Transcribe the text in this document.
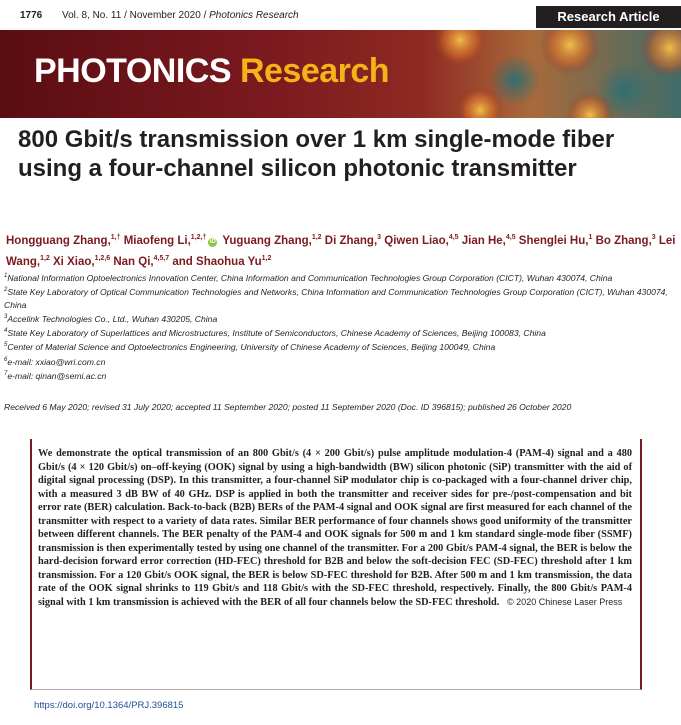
1776 Vol. 8, No. 11 / November 2020 / Photonics Research	Research Article
PHOTONICS Research
800 Gbit/s transmission over 1 km single-mode fiber using a four-channel silicon photonic transmitter
Hongguang Zhang,$^{1,\dagger}$ Miaofeng Li,$^{1,2,\dagger}$iD Yuguang Zhang,$^{1,2}$ Di Zhang,$^3$ Qiwen Liao,$^{4,5}$ Jian He,$^{4,5}$ Shenglei Hu,$^1$ Bo Zhang,$^3$ Lei Wang,$^{1,2}$ Xi Xiao,$^{1,2,6}$ Nan Qi,$^{4,5,7}$ and Shaohua Yu$^{1,2}$
$^1$National Information Optoelectronics Innovation Center, China Information and Communication Technologies Group Corporation (CICT), Wuhan 430074, China
$^2$State Key Laboratory of Optical Communication Technologies and Networks, China Information and Communication Technologies Group Corporation (CICT), Wuhan 430074, China
$^3$Accelink Technologies Co., Ltd., Wuhan 430205, China
$^4$State Key Laboratory of Superlattices and Microstructures, Institute of Semiconductors, Chinese Academy of Sciences, Beijing 100083, China
$^5$Center of Material Science and Optoelectronics Engineering, University of Chinese Academy of Sciences, Beijing 100049, China
$^6$e-mail: xxiao@wri.com.cn
$^7$e-mail: qinan@semi.ac.cn
Received 6 May 2020; revised 31 July 2020; accepted 11 September 2020; posted 11 September 2020 (Doc. ID 396815); published 26 October 2020
We demonstrate the optical transmission of an 800 Gbit/s (4 × 200 Gbit/s) pulse amplitude modulation-4 (PAM-4) signal and a 480 Gbit/s (4 × 120 Gbit/s) on–off-keying (OOK) signal by using a high-bandwidth (BW) silicon photonic (SiP) transmitter with the aid of digital signal processing (DSP). In this transmitter, a four-channel SiP modulator chip is co-packaged with a four-channel driver chip, with a measured 3 dB BW of 40 GHz. DSP is applied in both the transmitter and receiver sides for pre-/post-compensation and bit error rate (BER) calculation. Back-to-back (B2B) BERs of the PAM-4 signal and OOK signal are first measured for each channel of the transmitter with respect to a variety of data rates. Similar BER performance of four channels shows good uniformity of the transmitter between different channels. The BER penalty of the PAM-4 and OOK signals for 500 m and 1 km standard single-mode fiber (SSMF) transmission is then experimentally tested by using one channel of the transmitter. For a 200 Gbit/s PAM-4 signal, the BER is below the hard-decision forward error correction (HD-FEC) threshold for B2B and below the soft-decision FEC (SD-FEC) threshold after 1 km transmission. For a 120 Gbit/s OOK signal, the BER is below SD-FEC threshold for B2B. After 500 m and 1 km transmission, the data rate of the OOK signal shrinks to 119 Gbit/s and 118 Gbit/s with the SD-FEC threshold, respectively. Finally, the 800 Gbit/s PAM-4 signal with 1 km transmission is achieved with the BER of all four channels below the SD-FEC threshold. © 2020 Chinese Laser Press
https://doi.org/10.1364/PRJ.396815
